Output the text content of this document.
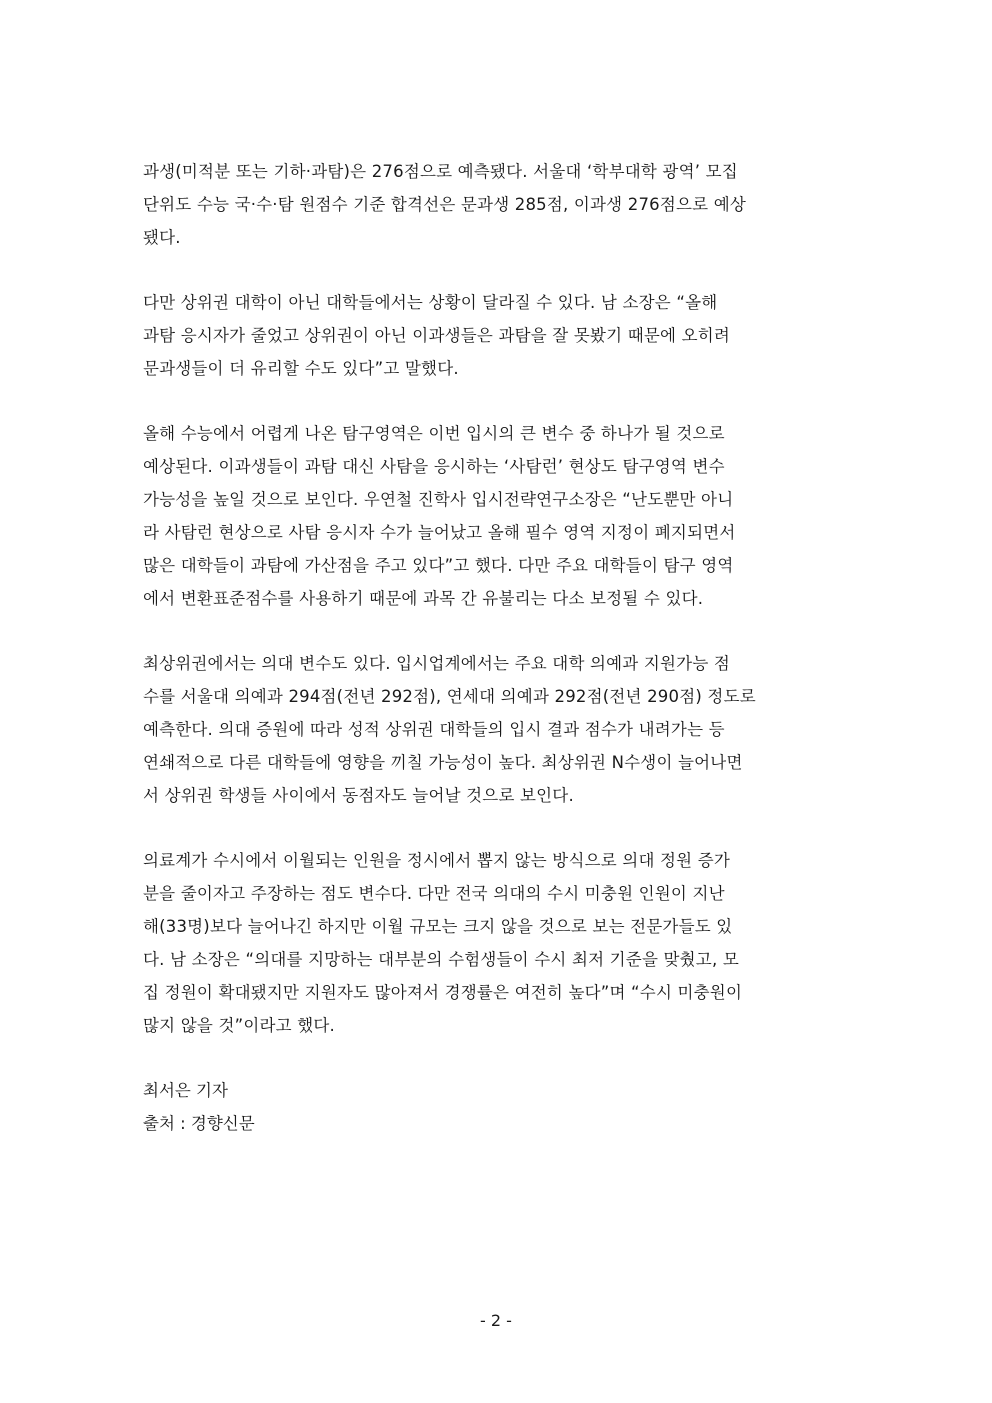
과생(미적분 또는 기하·과탐)은 276점으로 예측됐다. 서울대 ‘학부대학 광역’ 모집
단위도 수능 국·수·탐 원점수 기준 합격선은 문과생 285점, 이과생 276점으로 예상
됐다.

다만 상위권 대학이 아닌 대학들에서는 상황이 달라질 수 있다. 남 소장은 “올해
과탐 응시자가 줄었고 상위권이 아닌 이과생들은 과탐을 잘 못봤기 때문에 오히려
문과생들이 더 유리할 수도 있다”고 말했다.

올해 수능에서 어렵게 나온 탐구영역은 이번 입시의 큰 변수 중 하나가 될 것으로
예상된다. 이과생들이 과탐 대신 사탐을 응시하는 ‘사탐런’ 현상도 탐구영역 변수
가능성을 높일 것으로 보인다. 우연철 진학사 입시전략연구소장은 “난도뿐만 아니
라 사탐런 현상으로 사탐 응시자 수가 늘어났고 올해 필수 영역 지정이 폐지되면서
많은 대학들이 과탐에 가산점을 주고 있다”고 했다. 다만 주요 대학들이 탐구 영역
에서 변환표준점수를 사용하기 때문에 과목 간 유불리는 다소 보정될 수 있다.

최상위권에서는 의대 변수도 있다. 입시업계에서는 주요 대학 의예과 지원가능 점
수를 서울대 의예과 294점(전년 292점), 연세대 의예과 292점(전년 290점) 정도로
예측한다. 의대 증원에 따라 성적 상위권 대학들의 입시 결과 점수가 내려가는 등
연쇄적으로 다른 대학들에 영향을 끼칠 가능성이 높다. 최상위권 N수생이 늘어나면
서 상위권 학생들 사이에서 동점자도 늘어날 것으로 보인다.

의료계가 수시에서 이월되는 인원을 정시에서 뽑지 않는 방식으로 의대 정원 증가
분을 줄이자고 주장하는 점도 변수다. 다만 전국 의대의 수시 미충원 인원이 지난
해(33명)보다 늘어나긴 하지만 이월 규모는 크지 않을 것으로 보는 전문가들도 있
다. 남 소장은 “의대를 지망하는 대부분의 수험생들이 수시 최저 기준을 맞췄고, 모
집 정원이 확대됐지만 지원자도 많아져서 경쟁률은 여전히 높다”며 “수시 미충원이
많지 않을 것”이라고 했다.

최서은 기자

출처 : 경향신문

- 2 -
